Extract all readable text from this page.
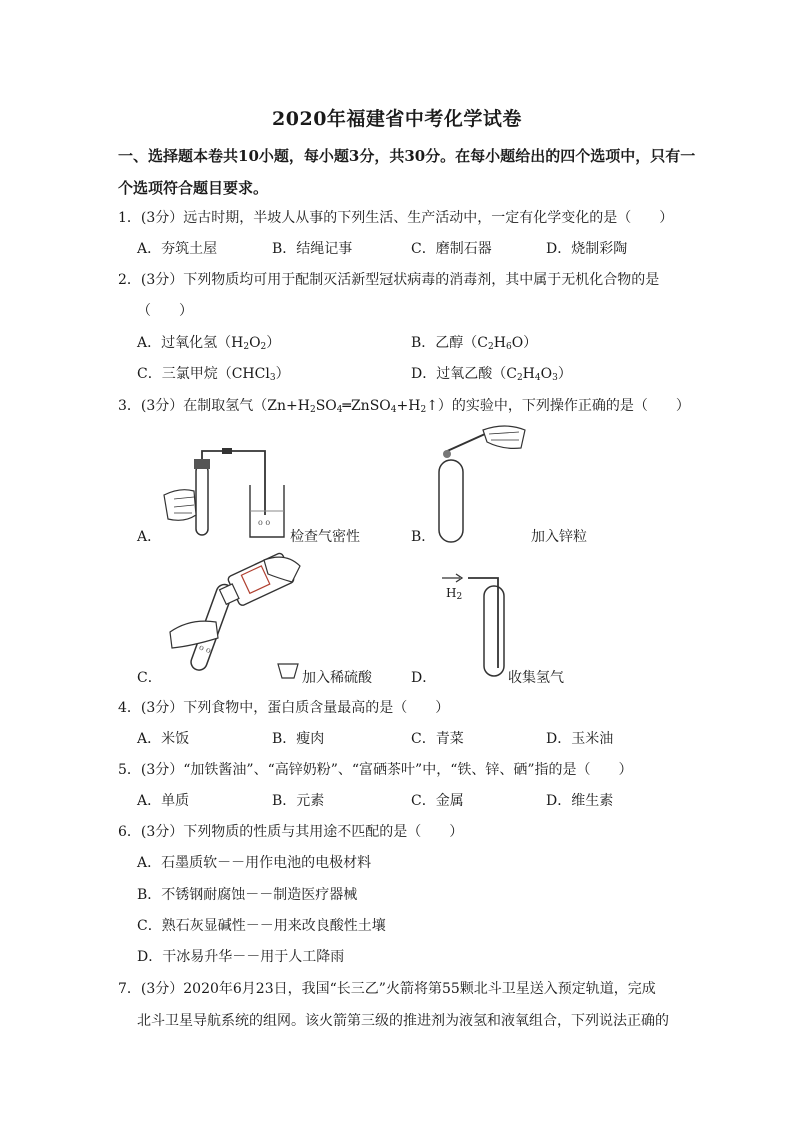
2020年福建省中考化学试卷
一、选择题本卷共10小题，每小题3分，共30分。在每小题给出的四个选项中，只有一
个选项符合题目要求。
1．(3分）远古时期，半坡人从事的下列生活、生产活动中，一定有化学变化的是（　　）
A．夯筑土屋	B．结绳记事	C．磨制石器	D．烧制彩陶
2．(3分）下列物质均可用于配制灭活新型冠状病毒的消毒剂，其中属于无机化合物的是
（　　）
A．过氧化氢$(H_2O_2)$	B．乙醇$(C_2H_6O)$
C．三氯甲烷（CHCl$_3$）	D．过氧乙酸$(C_2H_4O_3)$
3．(3分）在制取氢气$(Zn+H_2SO_4═ZnSO_4+H_2↑)$的实验中，下列操作正确的是（　　）
o o
A．	检查气密性	B．	加入锌粒
o o
C．	加入稀硫酸
$H_2$
D．	收集氢气
4．(3分）下列食物中，蛋白质含量最高的是（　　）
A．米饭	B．瘦肉	C．青菜	D．玉米油
5．(3分）“加铁酱油”、“高锌奶粉”、“富硒茶叶”中，“铁、锌、硒”指的是（　　）
A．单质	B．元素	C．金属	D．维生素
6．(3分）下列物质的性质与其用途不匹配的是（　　）
A．石墨质软－－用作电池的电极材料
B．不锈钢耐腐蚀－－制造医疗器械
C．熟石灰显碱性－－用来改良酸性土壤
D．干冰易升华－－用于人工降雨
7．(3分）2020年6月23日，我国“长三乙”火箭将第55颗北斗卫星送入预定轨道，完成
北斗卫星导航系统的组网。该火箭第三级的推进剂为液氢和液氧组合，下列说法正确的
